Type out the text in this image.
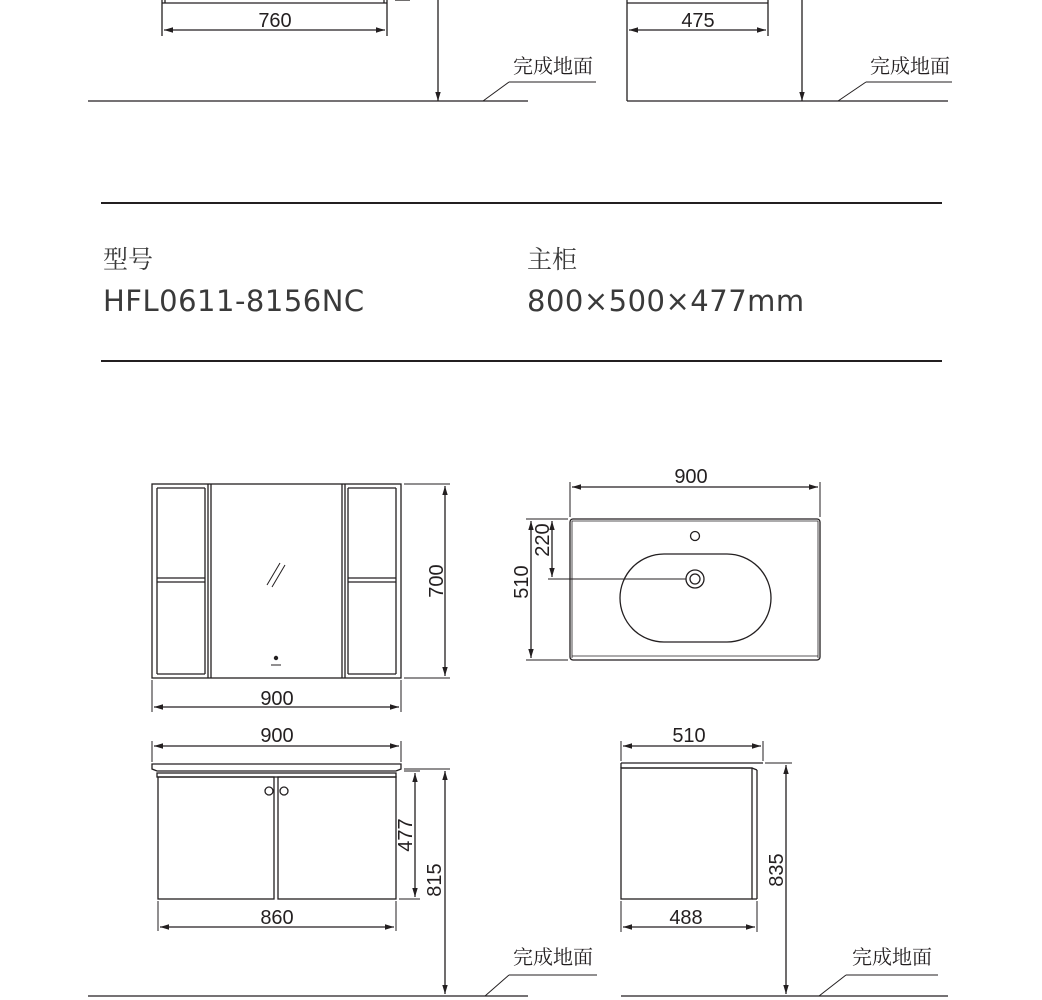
760	475
完成地面	完成地面
900
700
900
510
220
900
860
477
815
完成地面
510
488
835
完成地面
型号
HFL0611-8156NC
主柜
800×500×477mm
